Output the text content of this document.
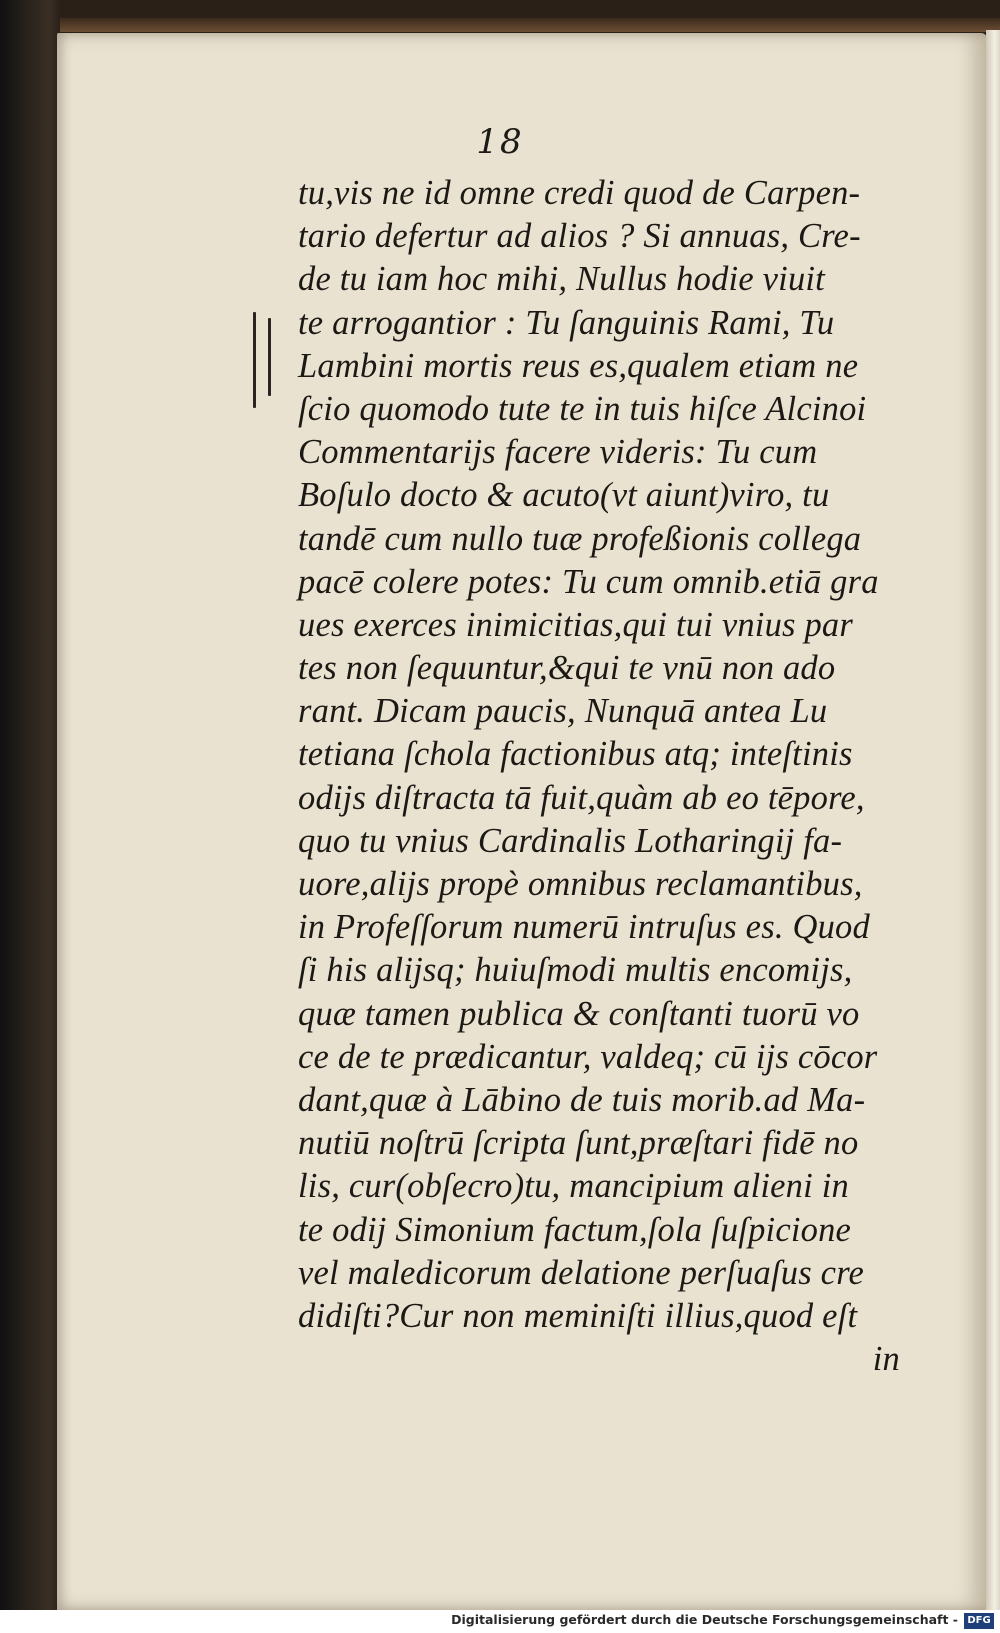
18
tu,vis ne id omne credi quod de Carpen-
tario defertur ad alios ? Si annuas, Cre-
de tu iam hoc mihi, Nullus hodie viuit
te arrogantior : Tu ſanguinis Rami, Tu
Lambini mortis reus es,qualem etiam ne
ſcio quomodo tute te in tuis hiſce Alcinoi
Commentarijs facere videris: Tu cum
Boſulo docto & acuto(vt aiunt)viro, tu
tandē cum nullo tuæ profeßionis collega
pacē colere potes: Tu cum omnib.etiā gra
ues exerces inimicitias,qui tui vnius par
tes non ſequuntur,&qui te vnū non ado
rant. Dicam paucis, Nunquā antea Lu
tetiana ſchola factionibus atq; inteſtinis
odijs diſtracta tā fuit,quàm ab eo tēpore,
quo tu vnius Cardinalis Lotharingij fa-
uore,alijs propè omnibus reclamantibus,
in Profeſſorum numerū intruſus es. Quod
ſi his alijsq; huiuſmodi multis encomijs,
quæ tamen publica & conſtanti tuorū vo
ce de te prædicantur, valdeq; cū ijs cōcor
dant,quæ à Lābino de tuis morib.ad Ma-
nutiū noſtrū ſcripta ſunt,præſtari fidē no
lis, cur(obſecro)tu, mancipium alieni in
te odij Simonium factum,ſola ſuſpicione
vel maledicorum delatione perſuaſus cre
didiſti?Cur non meminiſti illius,quod eſt
in
Digitalisierung gefördert durch die Deutsche Forschungsgemeinschaft - DFG
